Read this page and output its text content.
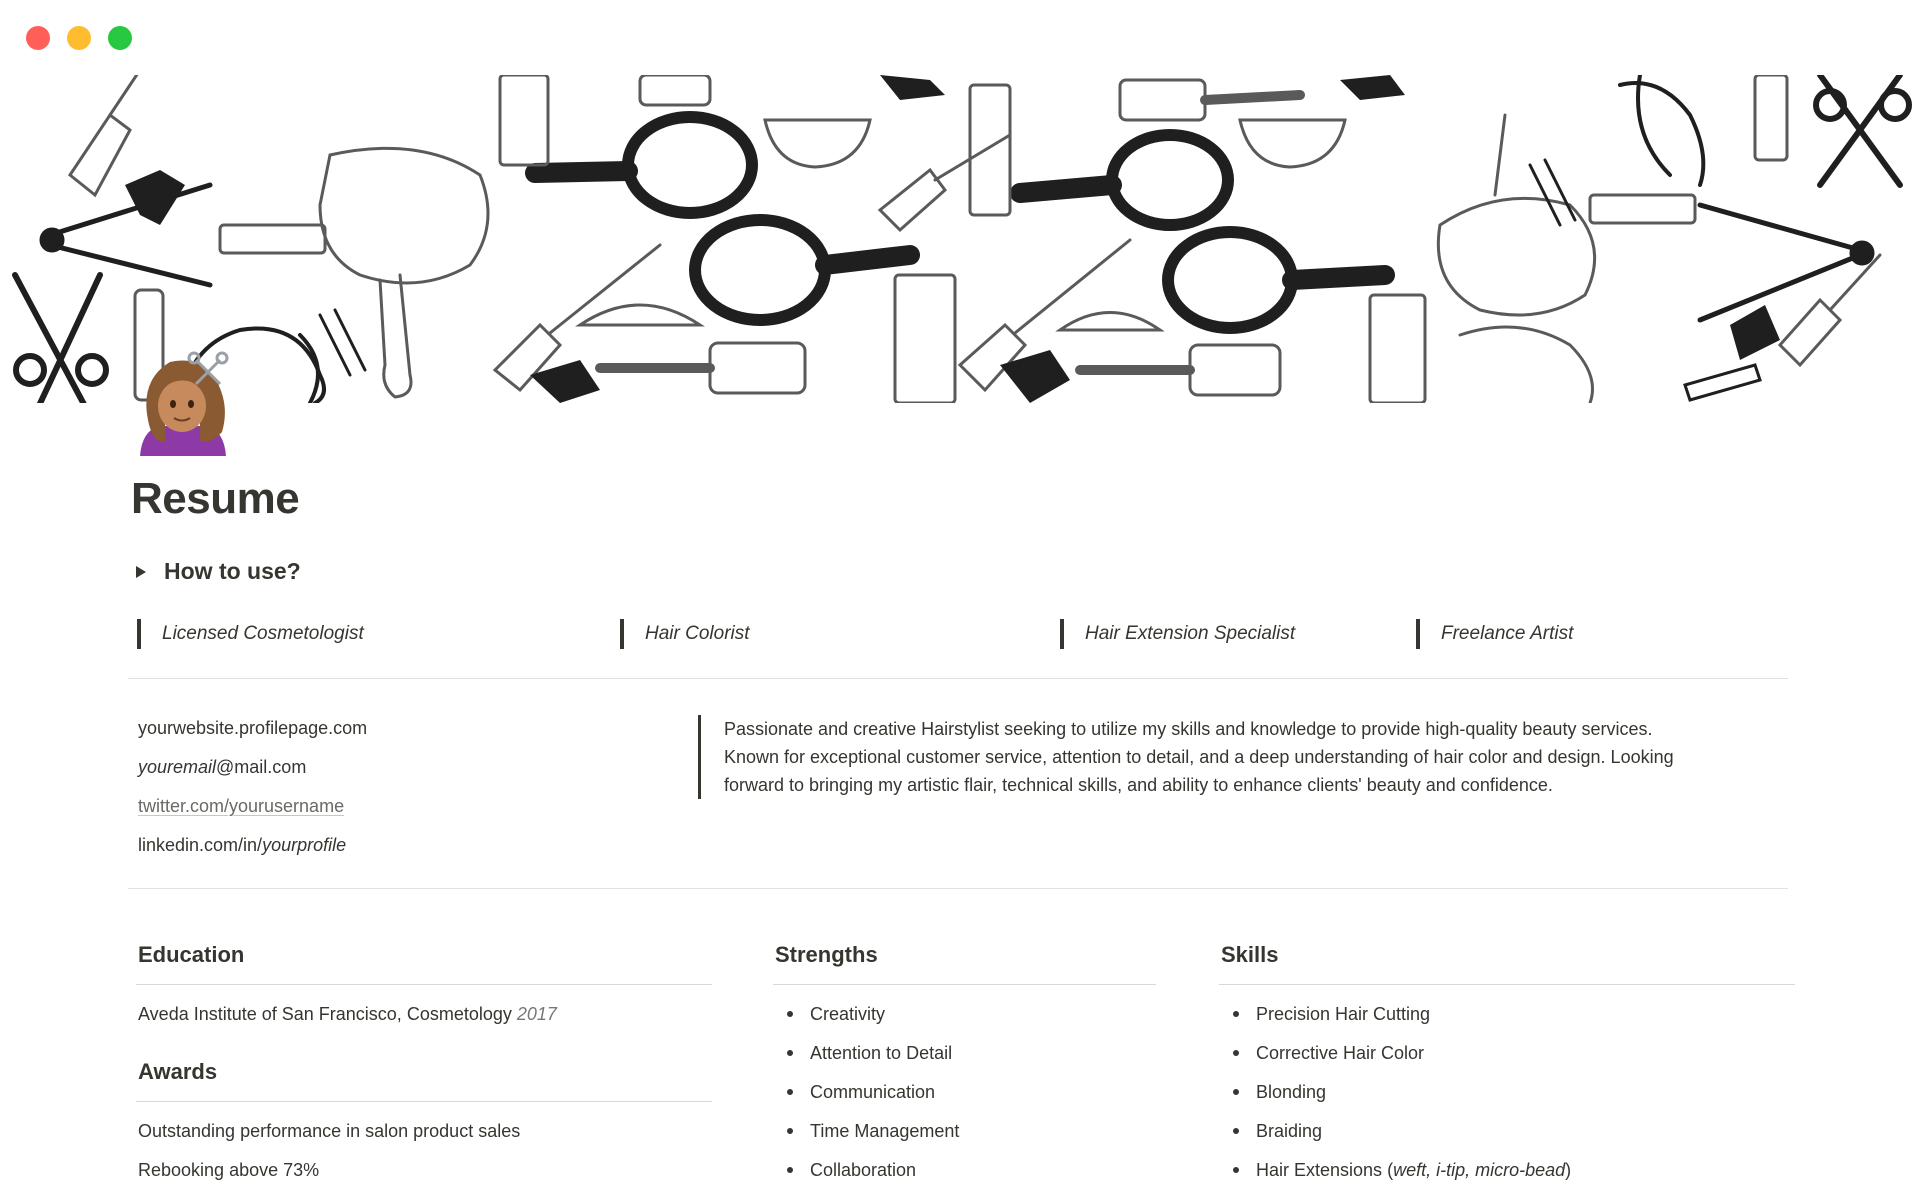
Resume
How to use?
Licensed Cosmetologist	Hair Colorist	Hair Extension Specialist	Freelance Artist
yourwebsite.profilepage.com
youremail@mail.com
twitter.com/yourusername
linkedin.com/in/yourprofile
Passionate and creative Hairstylist seeking to utilize my skills and knowledge to provide high-quality beauty services.
Known for exceptional customer service, attention to detail, and a deep understanding of hair color and design. Looking
forward to bringing my artistic flair, technical skills, and ability to enhance clients' beauty and confidence.
Education
Aveda Institute of San Francisco, Cosmetology 2017
Awards
Outstanding performance in salon product sales
Rebooking above 73%
Strengths
Creativity
Attention to Detail
Communication
Time Management
Collaboration
Skills
Precision Hair Cutting
Corrective Hair Color
Blonding
Braiding
Hair Extensions (weft, i-tip, micro-bead)
